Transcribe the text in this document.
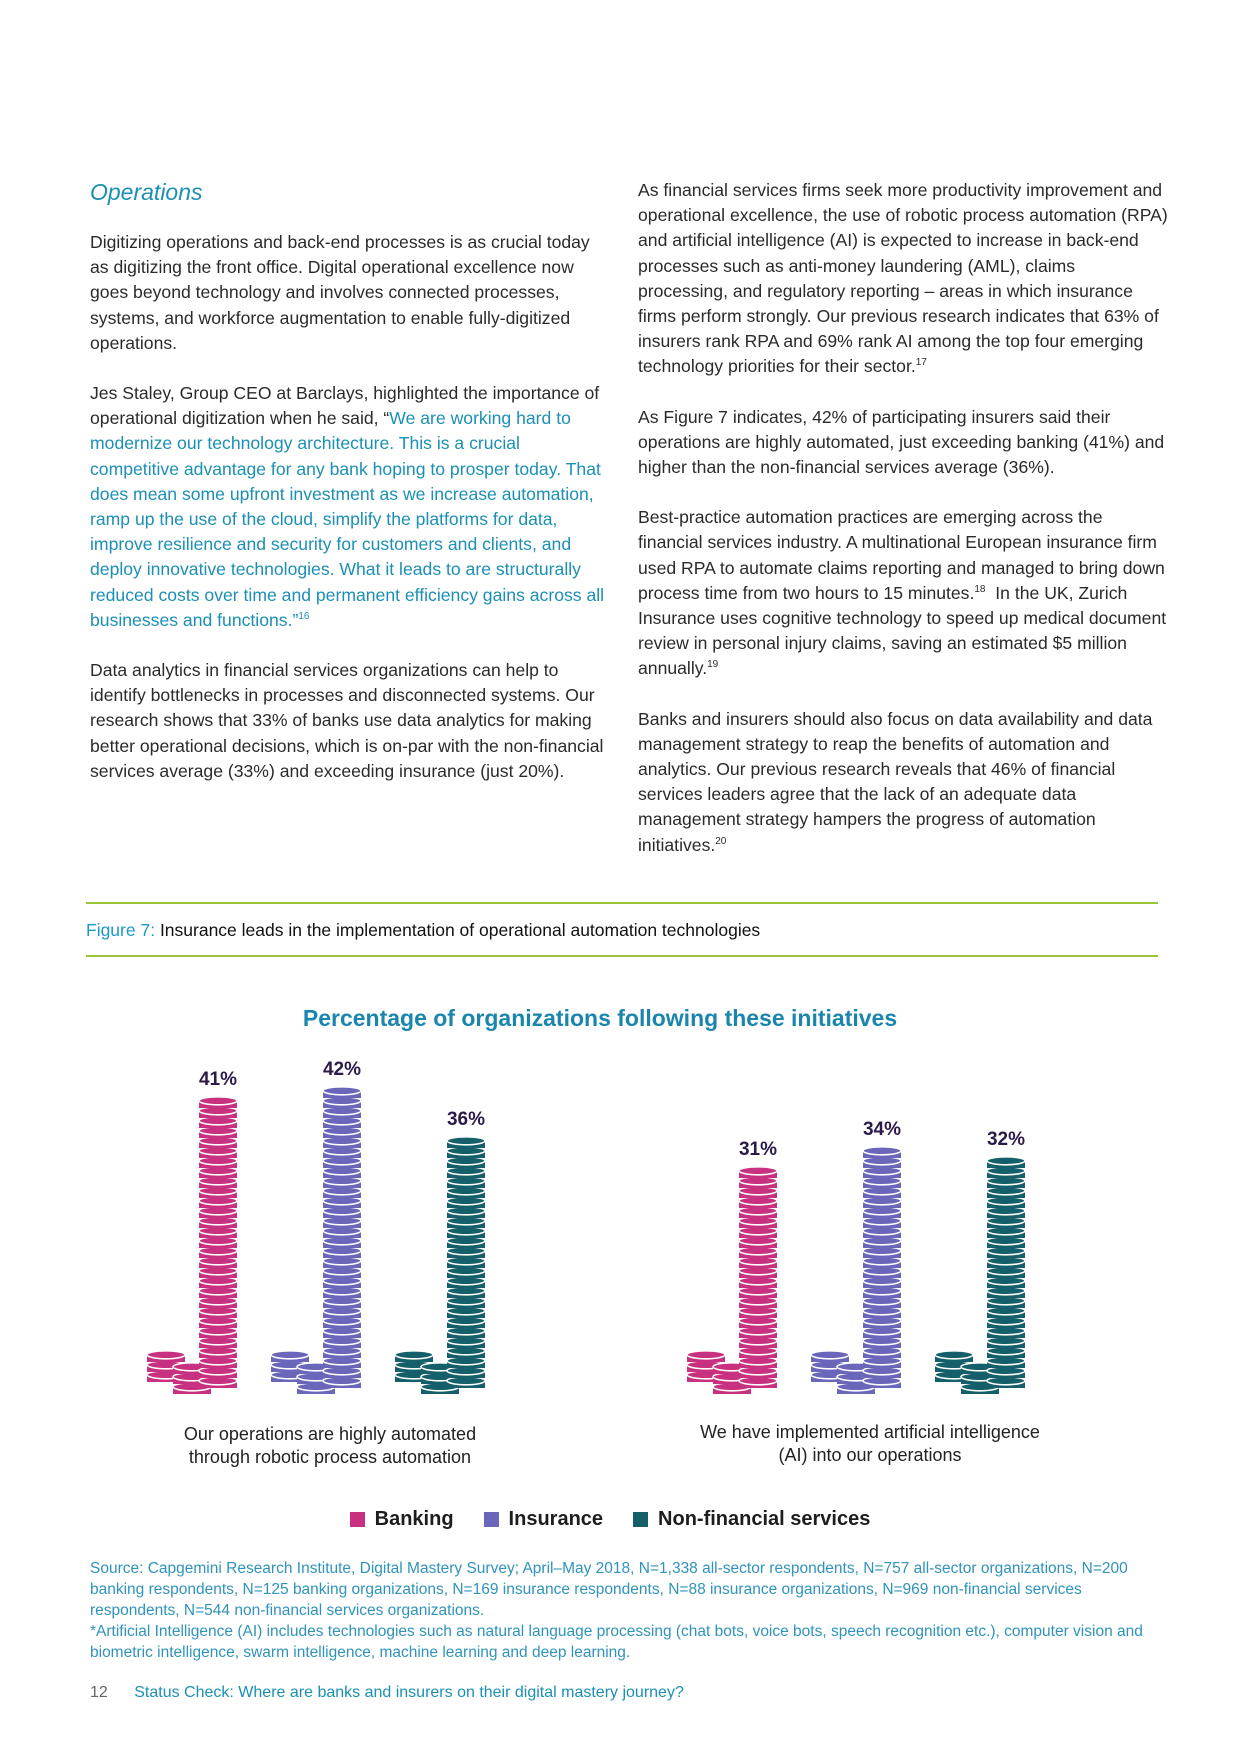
Operations

Digitizing operations and back-end processes is as crucial today as digitizing the front office. Digital operational excellence now goes beyond technology and involves connected processes, systems, and workforce augmentation to enable fully-digitized operations.

Jes Staley, Group CEO at Barclays, highlighted the importance of operational digitization when he said, “We are working hard to modernize our technology architecture. This is a crucial competitive advantage for any bank hoping to prosper today. That does mean some upfront investment as we increase automation, ramp up the use of the cloud, simplify the platforms for data, improve resilience and security for customers and clients, and deploy innovative technologies. What it leads to are structurally reduced costs over time and permanent efficiency gains across all businesses and functions.”$^{16}$

Data analytics in financial services organizations can help to identify bottlenecks in processes and disconnected systems. Our research shows that 33% of banks use data analytics for making better operational decisions, which is on-par with the non-financial services average (33%) and exceeding insurance (just 20%).

As financial services firms seek more productivity improvement and operational excellence, the use of robotic process automation (RPA) and artificial intelligence (AI) is expected to increase in back-end processes such as anti-money laundering (AML), claims processing, and regulatory reporting – areas in which insurance firms perform strongly. Our previous research indicates that 63% of insurers rank RPA and 69% rank AI among the top four emerging technology priorities for their sector.$^{17}$

As Figure 7 indicates, 42% of participating insurers said their operations are highly automated, just exceeding banking (41%) and higher than the non-financial services average (36%).

Best-practice automation practices are emerging across the financial services industry. A multinational European insurance firm used RPA to automate claims reporting and managed to bring down process time from two hours to 15 minutes.$^{18}$ In the UK, Zurich Insurance uses cognitive technology to speed up medical document review in personal injury claims, saving an estimated $5 million annually.$^{19}$

Banks and insurers should also focus on data availability and data management strategy to reap the benefits of automation and analytics. Our previous research reveals that 46% of financial services leaders agree that the lack of an adequate data management strategy hampers the progress of automation initiatives.$^{20}$

Figure 7: Insurance leads in the implementation of operational automation technologies
Percentage of organizations following these initiatives
41%	42%
36%
31%
34%	32%
Our operations are highly automated through robotic process automation
We have implemented artificial intelligence (AI) into our operations
Banking	Insurance	Non-financial services

Source: Capgemini Research Institute, Digital Mastery Survey; April–May 2018, N=1,338 all-sector respondents, N=757 all-sector organizations, N=200 banking respondents, N=125 banking organizations, N=169 insurance respondents, N=88 insurance organizations, N=969 non-financial services respondents, N=544 non-financial services organizations.

*Artificial Intelligence (AI) includes technologies such as natural language processing (chat bots, voice bots, speech recognition etc.), computer vision and biometric intelligence, swarm intelligence, machine learning and deep learning.

12 Status Check: Where are banks and insurers on their digital mastery journey?
